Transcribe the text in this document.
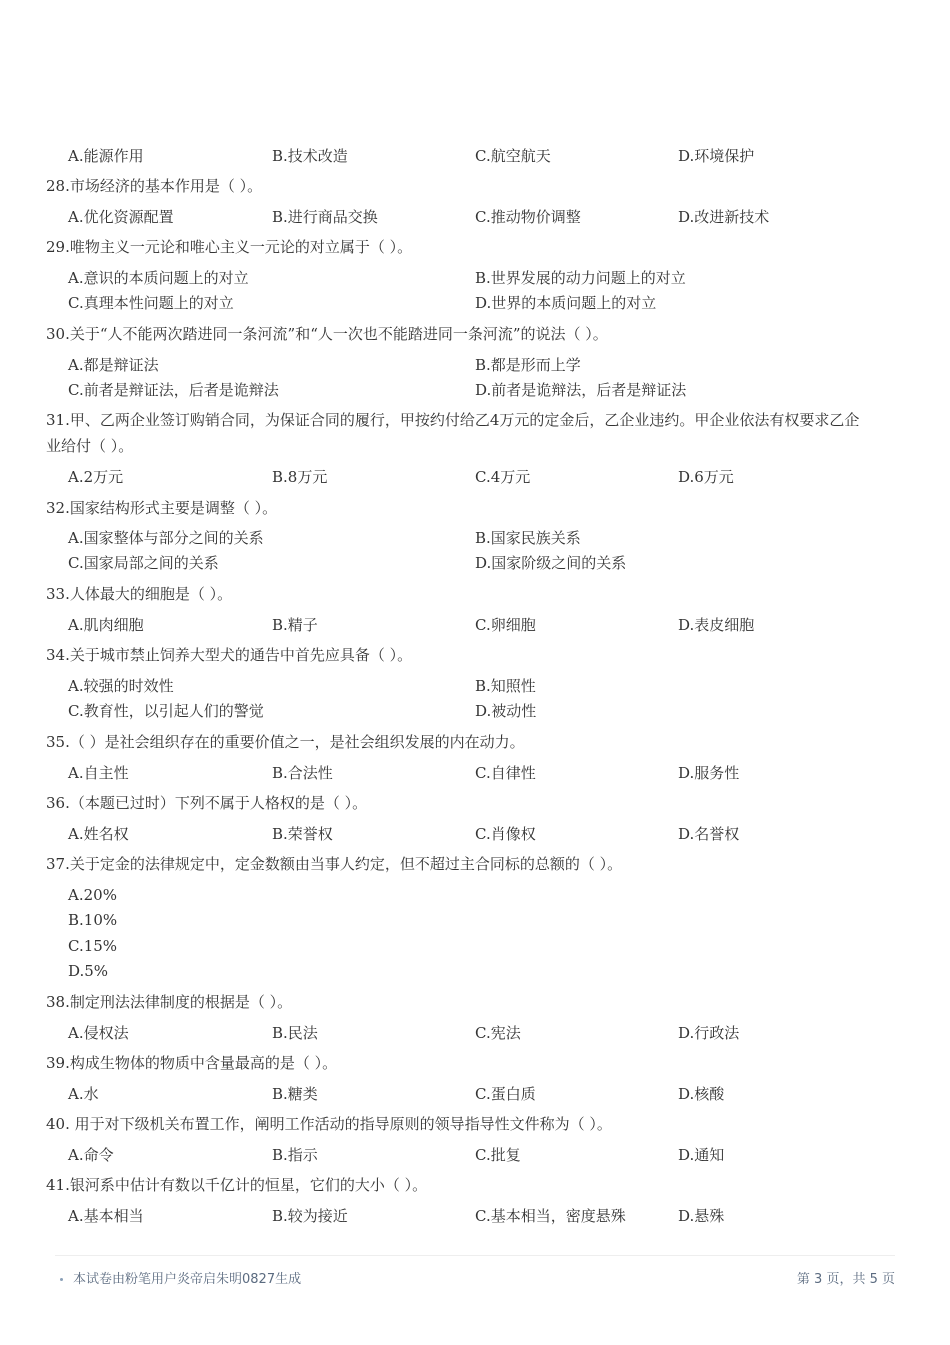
A.能源作用	B.技术改造	C.航空航天	D.环境保护
28.市场经济的基本作用是（ ）。
A.优化资源配置	B.进行商品交换	C.推动物价调整	D.改进新技术
29.唯物主义一元论和唯心主义一元论的对立属于（ ）。
A.意识的本质问题上的对立	B.世界发展的动力问题上的对立
C.真理本性问题上的对立	D.世界的本质问题上的对立
30.关于“人不能两次踏进同一条河流”和“人一次也不能踏进同一条河流”的说法（ ）。
A.都是辩证法	B.都是形而上学
C.前者是辩证法，后者是诡辩法	D.前者是诡辩法，后者是辩证法
31.甲、乙两企业签订购销合同，为保证合同的履行，甲按约付给乙4万元的定金后，乙企业违约。甲企业依法有权要求乙企业给付（ ）。
A.2万元	B.8万元	C.4万元	D.6万元
32.国家结构形式主要是调整（ ）。
A.国家整体与部分之间的关系	B.国家民族关系
C.国家局部之间的关系	D.国家阶级之间的关系
33.人体最大的细胞是（ ）。
A.肌肉细胞	B.精子	C.卵细胞	D.表皮细胞
34.关于城市禁止饲养大型犬的通告中首先应具备（ ）。
A.较强的时效性	B.知照性
C.教育性，以引起人们的警觉	D.被动性
35.（ ）是社会组织存在的重要价值之一，是社会组织发展的内在动力。
A.自主性	B.合法性	C.自律性	D.服务性
36.（本题已过时）下列不属于人格权的是（ ）。
A.姓名权	B.荣誉权	C.肖像权	D.名誉权
37.关于定金的法律规定中，定金数额由当事人约定，但不超过主合同标的总额的（ ）。
A.20%
B.10%
C.15%
D.5%
38.制定刑法法律制度的根据是（ ）。
A.侵权法	B.民法	C.宪法	D.行政法
39.构成生物体的物质中含量最高的是（ ）。
A.水	B.糖类	C.蛋白质	D.核酸
40. 用于对下级机关布置工作，阐明工作活动的指导原则的领导指导性文件称为（ ）。
A.命令	B.指示	C.批复	D.通知
41.银河系中估计有数以千亿计的恒星，它们的大小（ ）。
A.基本相当	B.较为接近	C.基本相当，密度悬殊	D.悬殊
本试卷由粉笔用户炎帝启朱明0827生成	第 3 页，共 5 页
